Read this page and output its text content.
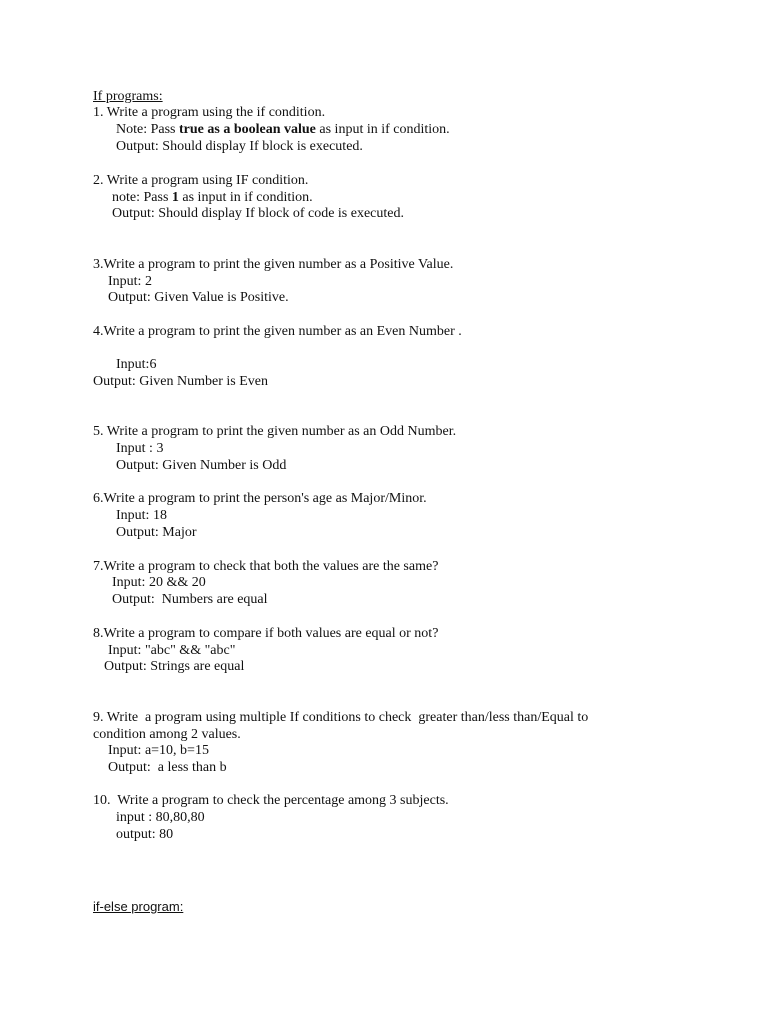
If programs:
1. Write a program using the if condition.
Note: Pass true as a boolean value as input in if condition.
Output: Should display If block is executed.
2. Write a program using IF condition.
note: Pass 1 as input in if condition.
Output: Should display If block of code is executed.
3.Write a program to print the given number as a Positive Value.
Input: 2
Output: Given Value is Positive.
4.Write a program to print the given number as an Even Number .
Input:6
Output: Given Number is Even
5. Write a program to print the given number as an Odd Number.
Input : 3
Output: Given Number is Odd
6.Write a program to print the person's age as Major/Minor.
Input: 18
Output: Major
7.Write a program to check that both the values are the same?
Input: 20 && 20
Output:  Numbers are equal
8.Write a program to compare if both values are equal or not?
Input: "abc" && "abc"
Output: Strings are equal
9. Write  a program using multiple If conditions to check  greater than/less than/Equal to
condition among 2 values.
Input: a=10, b=15
Output:  a less than b
10.  Write a program to check the percentage among 3 subjects.
input : 80,80,80
output: 80
if-else program:
